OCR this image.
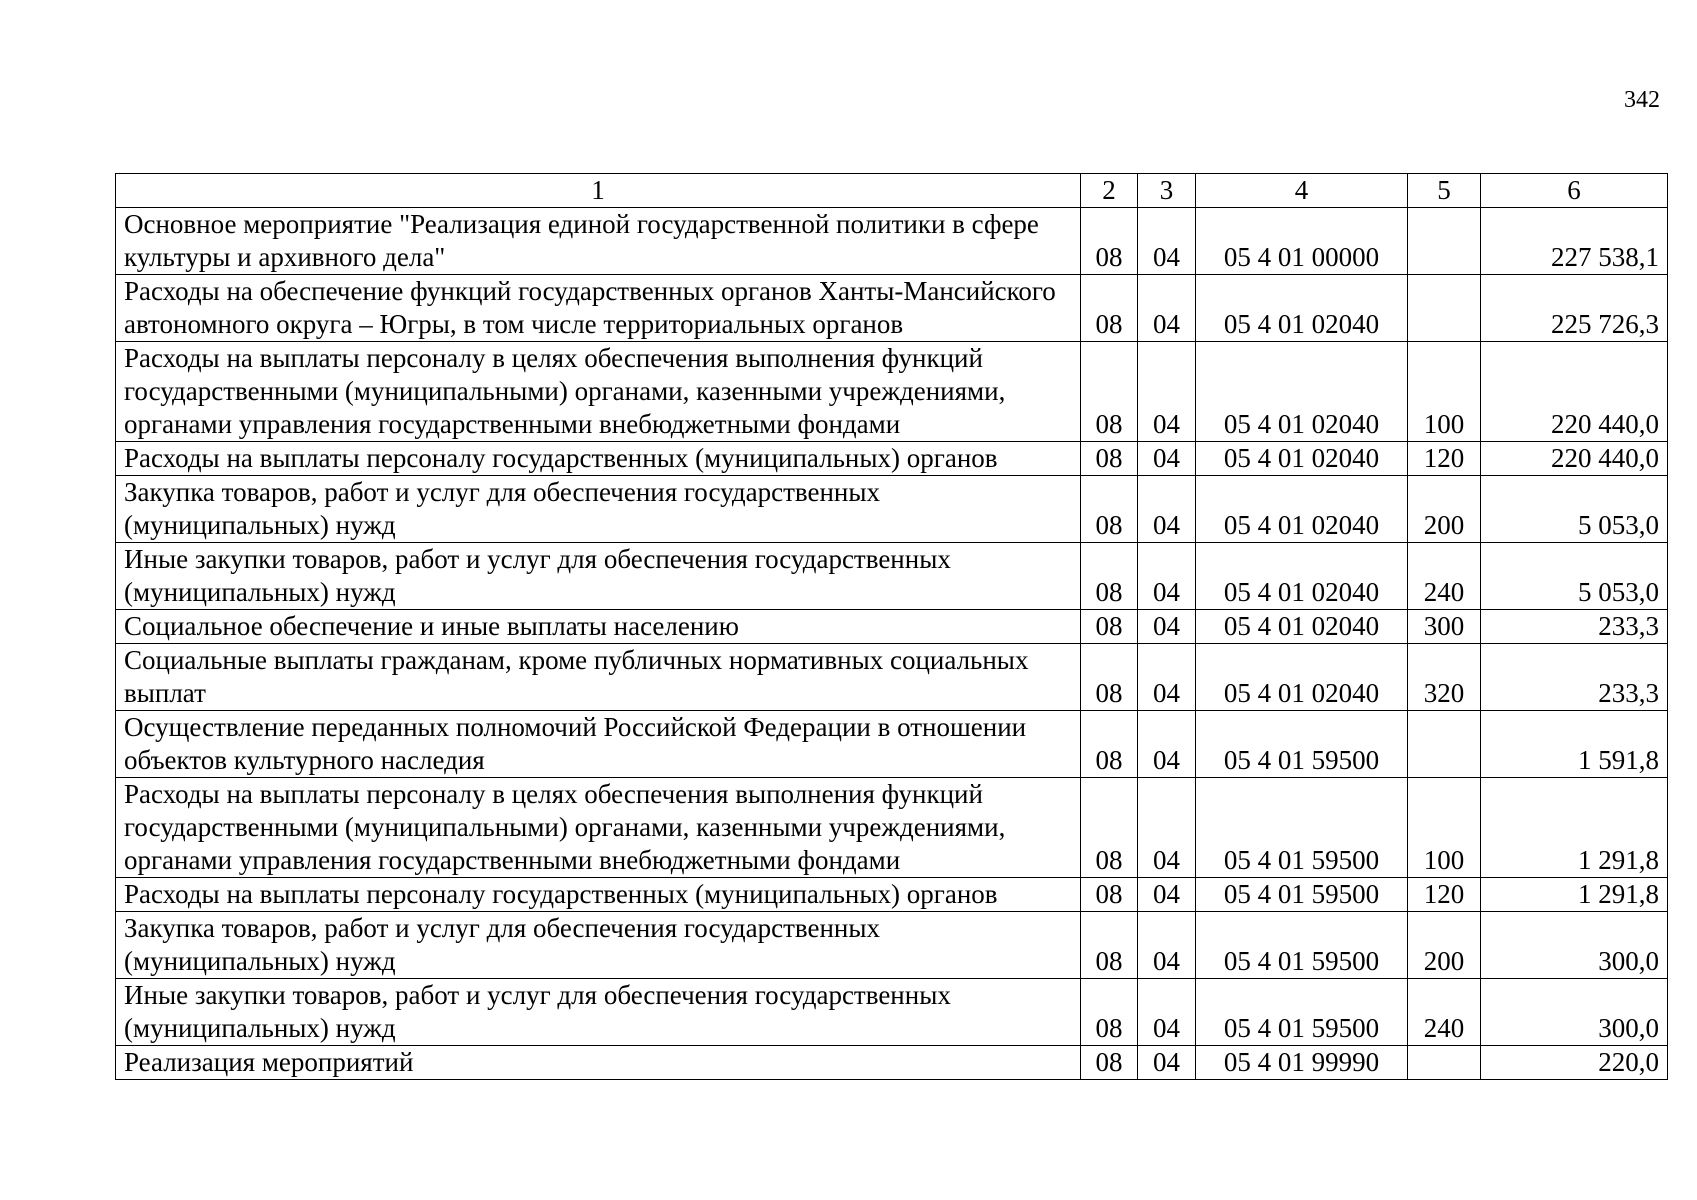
342
1	2	3	4	5	6
Основное мероприятие "Реализация единой государственной политики в сфере культуры и архивного дела"	08	04	05 4 01 00000		227 538,1
Расходы на обеспечение функций государственных органов Ханты-Мансийского автономного округа – Югры, в том числе территориальных органов	08	04	05 4 01 02040		225 726,3
Расходы на выплаты персоналу в целях обеспечения выполнения функций государственными (муниципальными) органами, казенными учреждениями, органами управления государственными внебюджетными фондами	08	04	05 4 01 02040	100	220 440,0
Расходы на выплаты персоналу государственных (муниципальных) органов	08	04	05 4 01 02040	120	220 440,0
Закупка товаров, работ и услуг для обеспечения государственных (муниципальных) нужд	08	04	05 4 01 02040	200	5 053,0
Иные закупки товаров, работ и услуг для обеспечения государственных (муниципальных) нужд	08	04	05 4 01 02040	240	5 053,0
Социальное обеспечение и иные выплаты населению	08	04	05 4 01 02040	300	233,3
Социальные выплаты гражданам, кроме публичных нормативных социальных выплат	08	04	05 4 01 02040	320	233,3
Осуществление переданных полномочий Российской Федерации в отношении объектов культурного наследия	08	04	05 4 01 59500		1 591,8
Расходы на выплаты персоналу в целях обеспечения выполнения функций государственными (муниципальными) органами, казенными учреждениями, органами управления государственными внебюджетными фондами	08	04	05 4 01 59500	100	1 291,8
Расходы на выплаты персоналу государственных (муниципальных) органов	08	04	05 4 01 59500	120	1 291,8
Закупка товаров, работ и услуг для обеспечения государственных (муниципальных) нужд	08	04	05 4 01 59500	200	300,0
Иные закупки товаров, работ и услуг для обеспечения государственных (муниципальных) нужд	08	04	05 4 01 59500	240	300,0
Реализация мероприятий	08	04	05 4 01 99990		220,0
